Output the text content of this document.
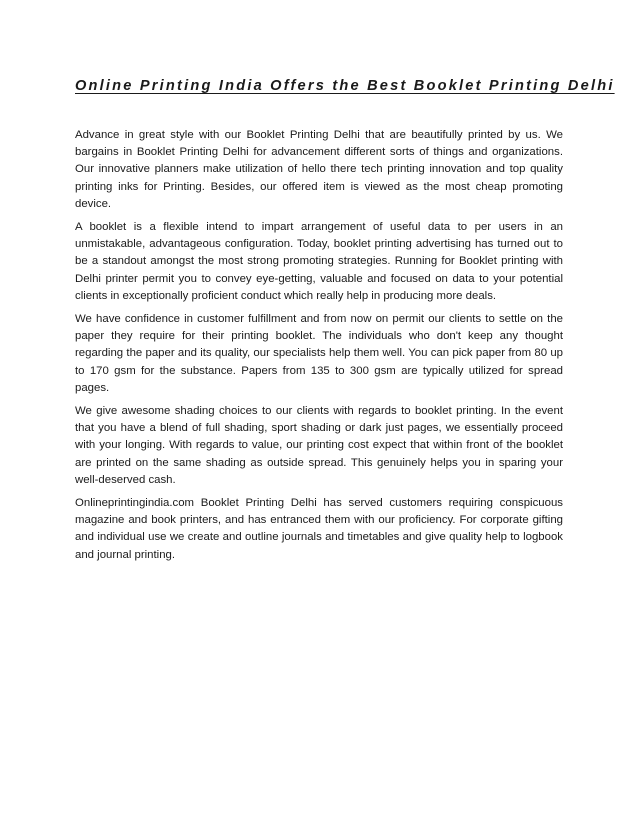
Online Printing India Offers the Best Booklet Printing Delhi

Advance in great style with our Booklet Printing Delhi that are beautifully printed by us. We bargains in Booklet Printing Delhi for advancement different sorts of things and organizations. Our innovative planners make utilization of hello there tech printing innovation and top quality printing inks for Printing. Besides, our offered item is viewed as the most cheap promoting device.

A booklet is a flexible intend to impart arrangement of useful data to per users in an unmistakable, advantageous configuration. Today, booklet printing advertising has turned out to be a standout amongst the most strong promoting strategies. Running for Booklet printing with Delhi printer permit you to convey eye-getting, valuable and focused on data to your potential clients in exceptionally proficient conduct which really help in producing more deals.

We have confidence in customer fulfillment and from now on permit our clients to settle on the paper they require for their printing booklet. The individuals who don't keep any thought regarding the paper and its quality, our specialists help them well. You can pick paper from 80 up to 170 gsm for the substance. Papers from 135 to 300 gsm are typically utilized for spread pages.

We give awesome shading choices to our clients with regards to booklet printing. In the event that you have a blend of full shading, sport shading or dark just pages, we essentially proceed with your longing. With regards to value, our printing cost expect that within front of the booklet are printed on the same shading as outside spread. This genuinely helps you in sparing your well-deserved cash.

Onlineprintingindia.com Booklet Printing Delhi has served customers requiring conspicuous magazine and book printers, and has entranced them with our proficiency. For corporate gifting and individual use we create and outline journals and timetables and give quality help to logbook and journal printing.
